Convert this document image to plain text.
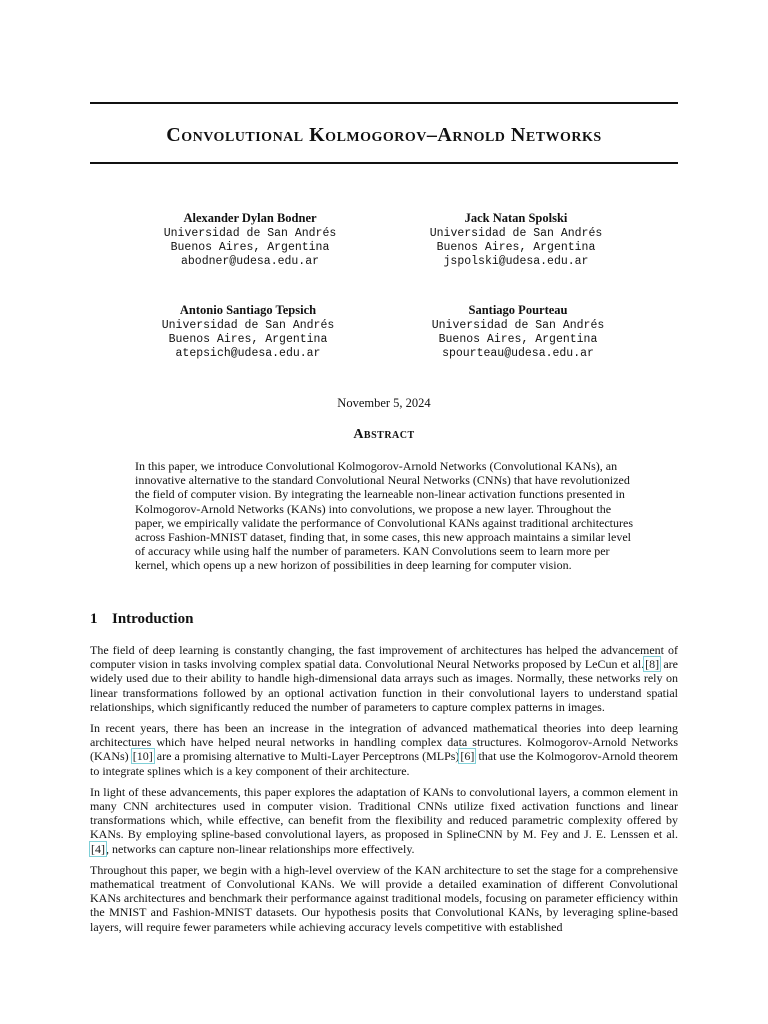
Convolutional Kolmogorov–Arnold Networks
Alexander Dylan Bodner
Universidad de San Andrés
Buenos Aires, Argentina
abodner@udesa.edu.ar
Jack Natan Spolski
Universidad de San Andrés
Buenos Aires, Argentina
jspolski@udesa.edu.ar
Antonio Santiago Tepsich
Universidad de San Andrés
Buenos Aires, Argentina
atepsich@udesa.edu.ar
Santiago Pourteau
Universidad de San Andrés
Buenos Aires, Argentina
spourteau@udesa.edu.ar
November 5, 2024
Abstract

In this paper, we introduce Convolutional Kolmogorov-Arnold Networks (Convolutional KANs), an innovative alternative to the standard Convolutional Neural Networks (CNNs) that have revolutionized the field of computer vision. By integrating the learneable non-linear activation functions presented in Kolmogorov-Arnold Networks (KANs) into convolutions, we propose a new layer. Throughout the paper, we empirically validate the performance of Convolutional KANs against traditional architectures across Fashion-MNIST dataset, finding that, in some cases, this new approach maintains a similar level of accuracy while using half the number of parameters. KAN Convolutions seem to learn more per kernel, which opens up a new horizon of possibilities in deep learning for computer vision.

1 Introduction

The field of deep learning is constantly changing, the fast improvement of architectures has helped the advancement of computer vision in tasks involving complex spatial data. Convolutional Neural Networks proposed by LeCun et al.[8] are widely used due to their ability to handle high-dimensional data arrays such as images. Normally, these networks rely on linear transformations followed by an optional activation function in their convolutional layers to understand spatial relationships, which significantly reduced the number of parameters to capture complex patterns in images.

In recent years, there has been an increase in the integration of advanced mathematical theories into deep learning architectures which have helped neural networks in handling complex data structures. Kolmogorov-Arnold Networks (KANs) [10] are a promising alternative to Multi-Layer Perceptrons (MLPs)[6] that use the Kolmogorov-Arnold theorem to integrate splines which is a key component of their architecture.

In light of these advancements, this paper explores the adaptation of KANs to convolutional layers, a common element in many CNN architectures used in computer vision. Traditional CNNs utilize fixed activation functions and linear transformations which, while effective, can benefit from the flexibility and reduced parametric complexity offered by KANs. By employing spline-based convolutional layers, as proposed in SplineCNN by M. Fey and J. E. Lenssen et al. [4], networks can capture non-linear relationships more effectively.

Throughout this paper, we begin with a high-level overview of the KAN architecture to set the stage for a comprehensive mathematical treatment of Convolutional KANs. We will provide a detailed examination of different Convolutional KANs architectures and benchmark their performance against traditional models, focusing on parameter efficiency within the MNIST and Fashion-MNIST datasets. Our hypothesis posits that Convolutional KANs, by leveraging spline-based layers, will require fewer parameters while achieving accuracy levels competitive with established
